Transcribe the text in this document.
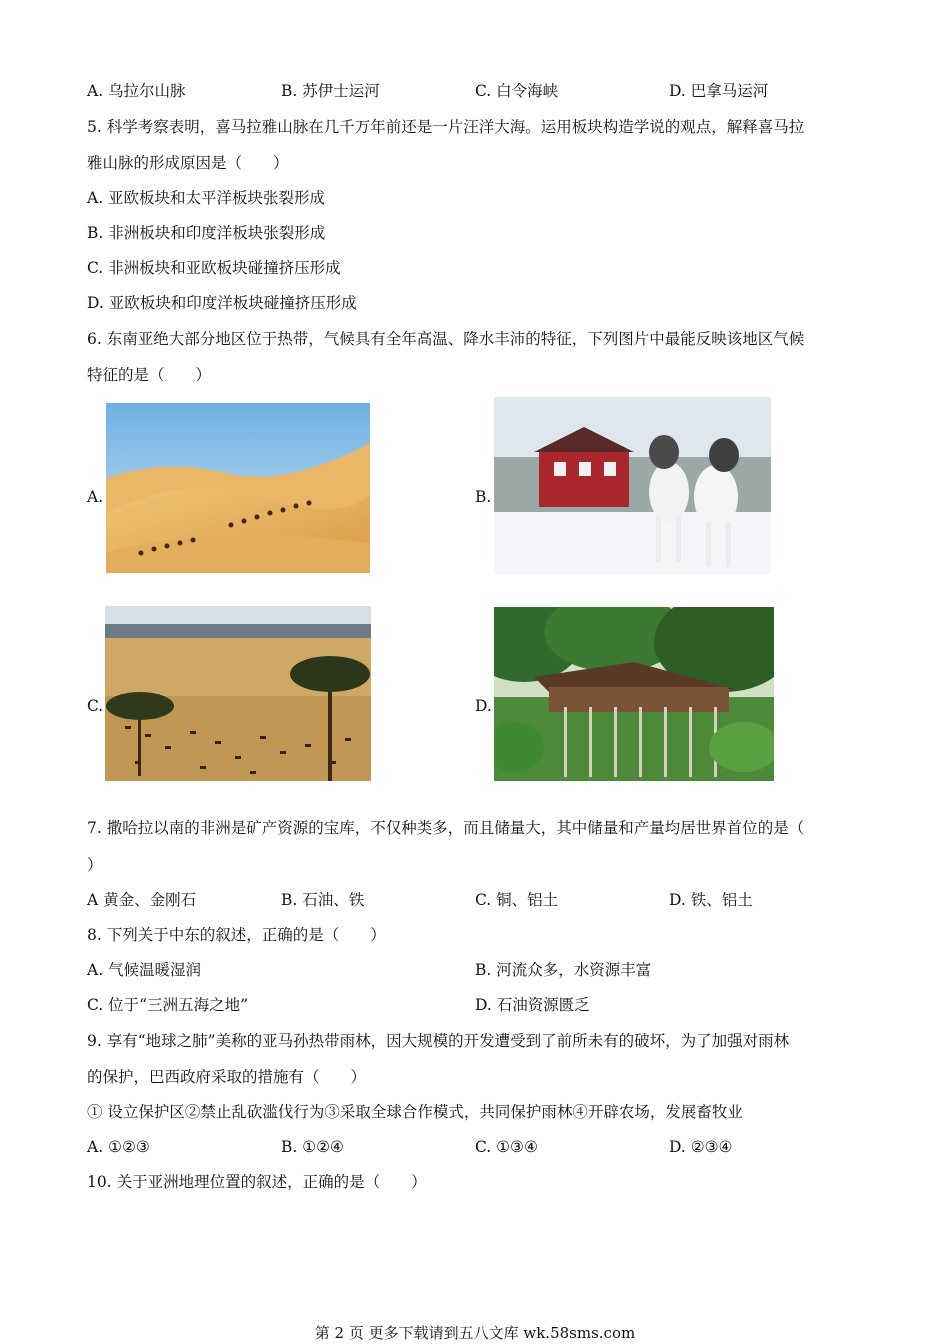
A. 乌拉尔山脉	B. 苏伊士运河	C. 白令海峡	D. 巴拿马运河
5. 科学考察表明，喜马拉雅山脉在几千万年前还是一片汪洋大海。运用板块构造学说的观点，解释喜马拉
雅山脉的形成原因是（　　）
A. 亚欧板块和太平洋板块张裂形成
B. 非洲板块和印度洋板块张裂形成
C. 非洲板块和亚欧板块碰撞挤压形成
D. 亚欧板块和印度洋板块碰撞挤压形成
6. 东南亚绝大部分地区位于热带，气候具有全年高温、降水丰沛的特征，下列图片中最能反映该地区气候
特征的是（　　）
A.	B.
C.	D.
7. 撒哈拉以南的非洲是矿产资源的宝库，不仅种类多，而且储量大，其中储量和产量均居世界首位的是（
）
A 黄金、金刚石	B. 石油、铁	C. 铜、铝土	D. 铁、铝土
8. 下列关于中东的叙述，正确的是（　　）
A. 气候温暖湿润	B. 河流众多，水资源丰富
C. 位于“三洲五海之地”	D. 石油资源匮乏
9. 享有“地球之肺”美称的亚马孙热带雨林，因大规模的开发遭受到了前所未有的破坏，为了加强对雨林
的保护，巴西政府采取的措施有（　　）
① 设立保护区②禁止乱砍滥伐行为③采取全球合作模式，共同保护雨林④开辟农场，发展畜牧业
A. ①②③	B. ①②④	C. ①③④	D. ②③④
10. 关于亚洲地理位置的叙述，正确的是（　　）
第 2 页 更多下载请到五八文库 wk.58sms.com
